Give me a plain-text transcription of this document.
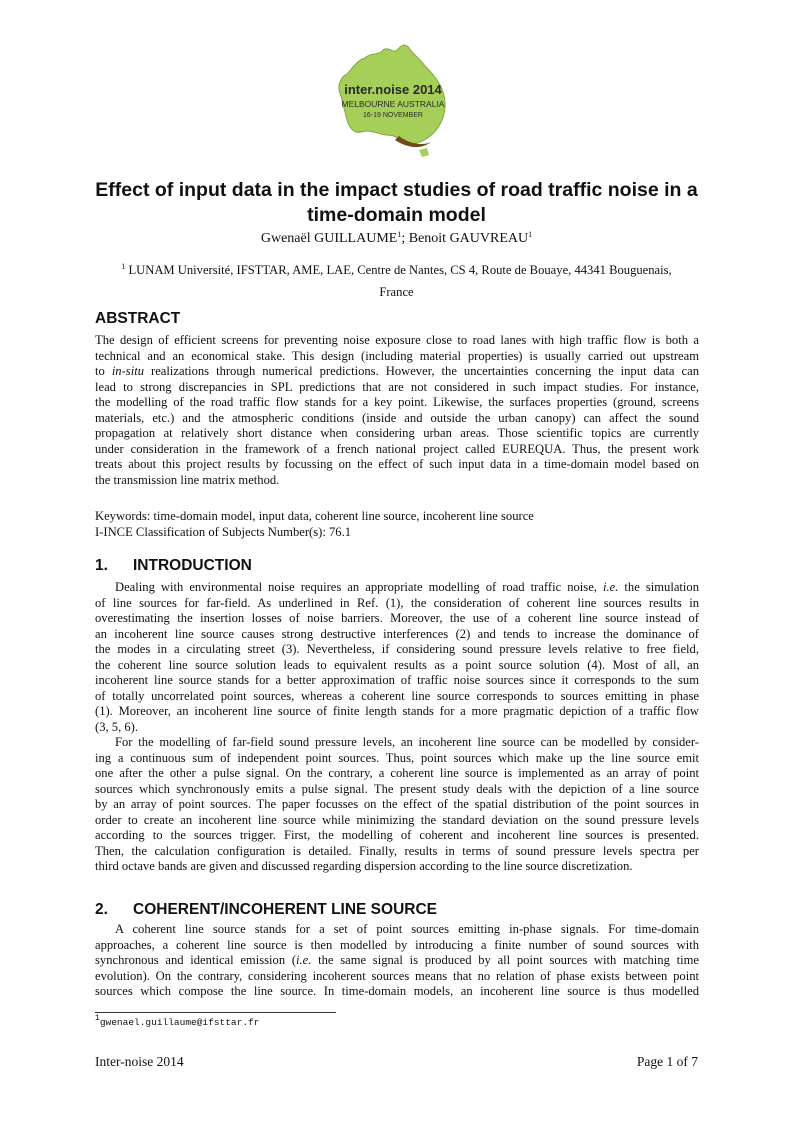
inter.noise 2014
MELBOURNE AUSTRALIA
16-19 NOVEMBER
Effect of input data in the impact studies of road traffic noise in a
time-domain model
Gwenaël GUILLAUME$^1$; Benoit GAUVREAU$^1$
$^1$ LUNAM Université, IFSTTAR, AME, LAE, Centre de Nantes, CS 4, Route de Bouaye, 44341 Bouguenais,
France
ABSTRACT
The design of efficient screens for preventing noise exposure close to road lanes with high traffic flow is both a
technical and an economical stake. This design (including material properties) is usually carried out upstream
to in-situ realizations through numerical predictions. However, the uncertainties concerning the input data can
lead to strong discrepancies in SPL predictions that are not considered in such impact studies. For instance,
the modelling of the road traffic flow stands for a key point. Likewise, the surfaces properties (ground, screens
materials, etc.) and the atmospheric conditions (inside and outside the urban canopy) can affect the sound
propagation at relatively short distance when considering urban areas. Those scientific topics are currently
under consideration in the framework of a french national project called EUREQUA. Thus, the present work
treats about this project results by focussing on the effect of such input data in a time-domain model based on
the transmission line matrix method.
Keywords: time-domain model, input data, coherent line source, incoherent line source
I-INCE Classification of Subjects Number(s): 76.1
1. INTRODUCTION
Dealing with environmental noise requires an appropriate modelling of road traffic noise, i.e. the simulation
of line sources for far-field. As underlined in Ref. (1), the consideration of coherent line sources results in
overestimating the insertion losses of noise barriers. Moreover, the use of a coherent line source instead of
an incoherent line source causes strong destructive interferences (2) and tends to increase the dominance of
the modes in a circulating street (3). Nevertheless, if considering sound pressure levels relative to free field,
the coherent line source solution leads to equivalent results as a point source solution (4). Most of all, an
incoherent line source stands for a better approximation of traffic noise sources since it corresponds to the sum
of totally uncorrelated point sources, whereas a coherent line source corresponds to sources emitting in phase
(1). Moreover, an incoherent line source of finite length stands for a more pragmatic depiction of a traffic flow
(3, 5, 6).
For the modelling of far-field sound pressure levels, an incoherent line source can be modelled by consider-
ing a continuous sum of independent point sources. Thus, point sources which make up the line source emit
one after the other a pulse signal. On the contrary, a coherent line source is implemented as an array of point
sources which synchronously emits a pulse signal. The present study deals with the depiction of a line source
by an array of point sources. The paper focusses on the effect of the spatial distribution of the point sources in
order to create an incoherent line source while minimizing the standard deviation on the sound pressure levels
according to the sources trigger. First, the modelling of coherent and incoherent line sources is presented.
Then, the calculation configuration is detailed. Finally, results in terms of sound pressure levels spectra per
third octave bands are given and discussed regarding dispersion according to the line source discretization.
2. COHERENT/INCOHERENT LINE SOURCE
A coherent line source stands for a set of point sources emitting in-phase signals. For time-domain
approaches, a coherent line source is then modelled by introducing a finite number of sound sources with
synchronous and identical emission (i.e. the same signal is produced by all point sources with matching time
evolution). On the contrary, considering incoherent sources means that no relation of phase exists between point
sources which compose the line source. In time-domain models, an incoherent line source is thus modelled
$^1$gwenael.guillaume@ifsttar.fr
Inter-noise 2014	Page 1 of 7
